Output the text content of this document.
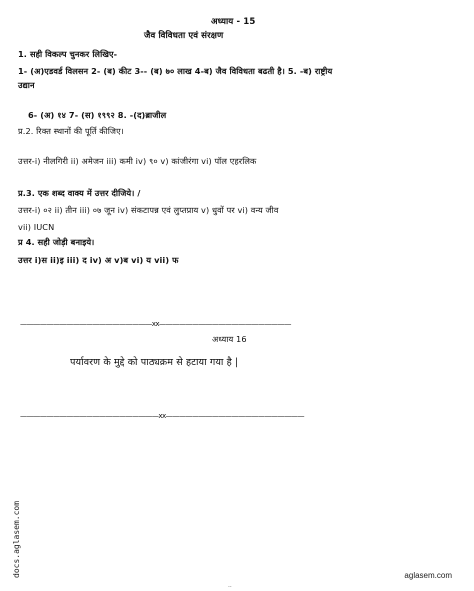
अध्याय - 15
जैव विविधता एवं संरक्षण
1. सही विकल्प चुनकर लिखिए-
1- (अ)एडवर्ड विलसन 2- (ब) कीट 3-- (ब) ७० लाख 4-ब) जैव विविधता बढती है। 5. -ब) राष्ट्रीय
उद्यान
6- (अ) १४ 7- (स) १९९२ 8. -(द)ब्राजील
प्र.2. रिक्त स्थानों की पूर्ति कीजिए।
उत्तर-i) नीलगिरी ii) अमेजन iii) कमी iv) ९० v) कांजीरंगा vi) पॉल एहरलिक
प्र.3. एक शब्द वाक्य में उत्तर दीजिये। /
उत्तर-i) ०२ ii) तीन iii) ०७ जून iv) संकटापन्न एवं लुप्तप्राय v) धुवों पर vi) वन्य जीव
vii) IUCN
प्र 4. सही जोड़ी बनाइये।
उत्तर i)स ii)इ iii) द iv) अ v)ब vi) य vii) फ
————————————————————xx————————————————————
अध्याय 16
पर्यावरण के मुद्दे को पाठ्यक्रम से हटाया गया है |
—————————————————————xx—————————————————————
docs.aglasem.com	aglasem.com
--
